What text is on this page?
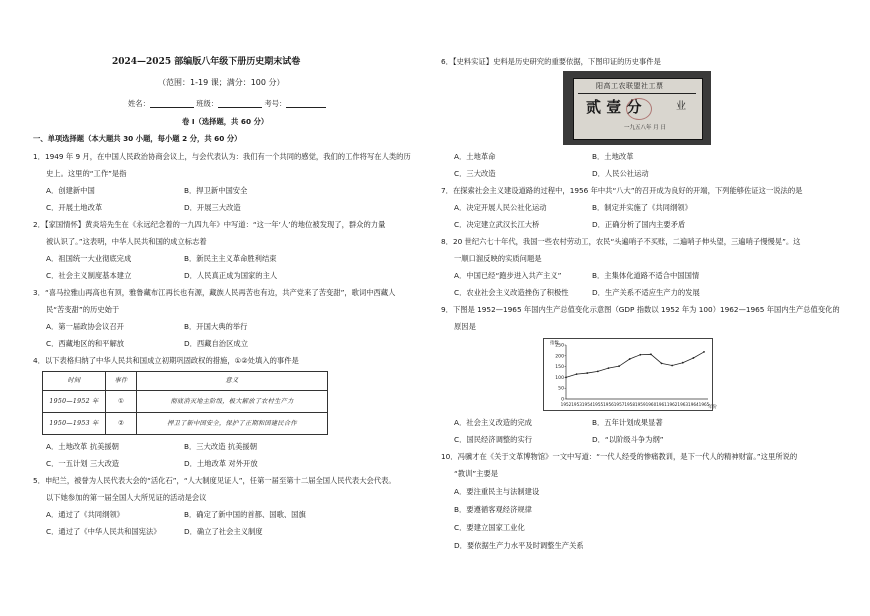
2024—2025 部编版八年级下册历史期末试卷
（范围：1-19 课；满分：100 分）
姓名：	班级：	考号：
卷 I（选择题，共 60 分）
一、单项选择题（本大题共 30 小题，每小题 2 分，共 60 分）
1．1949 年 9 月，在中国人民政治协商会议上，与会代表认为：我们有一个共同的感觉，我们的工作将写在人类的历
史上。这里的“工作”是指
A．创建新中国	B．捍卫新中国安全
C．开展土地改革	D．开展三大改造
2．【家国情怀】黄炎培先生在《永远纪念着的一九四九年》中写道：“这一年‘人’的地位被发现了，群众的力量
被认识了。”这表明，中华人民共和国的成立标志着
A．祖国统一大业彻底完成	B．新民主主义革命胜利结束
C．社会主义制度基本建立	D．人民真正成为国家的主人
3．“喜马拉雅山再高也有顶，雅鲁藏布江再长也有源，藏族人民再苦也有边，共产党来了苦变甜”，歌词中西藏人
民“苦变甜”的历史始于
A．第一届政协会议召开	B．开国大典的举行
C．西藏地区的和平解放	D．西藏自治区成立
4．以下表格归纳了中华人民共和国成立初期巩固政权的措施，①②处填入的事件是
时间	事件	意义
1950—1952 年	①	彻底消灭地主阶级，极大解放了农村生产力
1950—1953 年	②	捍卫了新中国安全，保护了正期和国建民合作
A．土地改革 抗美援朝	B．三大改造 抗美援朝
C．一五计划 三大改造	D．土地改革 对外开放
5．申纪兰，被誉为人民代表大会的“活化石”，“人大制度见证人”，任第一届至第十二届全国人民代表大会代表。
以下她参加的第一届全国人大所见证的活动是会议
A．通过了《共同纲领》	B．确定了新中国的首都、国歌、国旗
C．通过了《中华人民共和国宪法》	D．确立了社会主义制度
6．【史料实证】史料是历史研究的重要依据，下图印证的历史事件是
阳高工农联盟社工票
贰 壹 分	业
一九五八年 月 日
A．土地革命	B．土地改革
C．三大改造	D．人民公社运动
7．在探索社会主义建设道路的过程中，1956 年中共“八大”的召开成为良好的开端，下列能够佐证这一说法的是
A．决定开展人民公社化运动	B．制定并实施了《共同纲领》
C．决定建立武汉长江大桥	D．正确分析了国内主要矛盾
8．20 世纪六七十年代，我国一些农村劳动工，农民“头遍哨子不买账，二遍哨子伸头望，三遍哨子慢慢晃”。这
一顺口溜反映的实质问题是
A．中国已经“跑步进入共产主义”	B．主集体化道路不适合中国国情
C．农业社会主义改造挫伤了积极性	D．生产关系不适应生产力的发展
9．下图是 1952—1965 年国内生产总值变化示意图（GDP 指数以 1952 年为 100）1962—1965 年国内生产总值变化的
原因是
指数
年份
0
50
100
150
200
250
1952 1953 1954 1955 1956 1957 1958 1959 1960 1961 1962 1963 1964 1965
A．社会主义改造的完成	B．五年计划成果显著
C．国民经济调整的实行	D．“以阶级斗争为纲”
10．冯骥才在《关于文革博物馆》一文中写道：“一代人经受的惨痛教训，是下一代人的精神财富。”这里所说的
“教训”主要是
A．要注重民主与法制建设
B．要遵循客观经济规律
C．要建立国家工业化
D．要依据生产力水平及时调整生产关系
